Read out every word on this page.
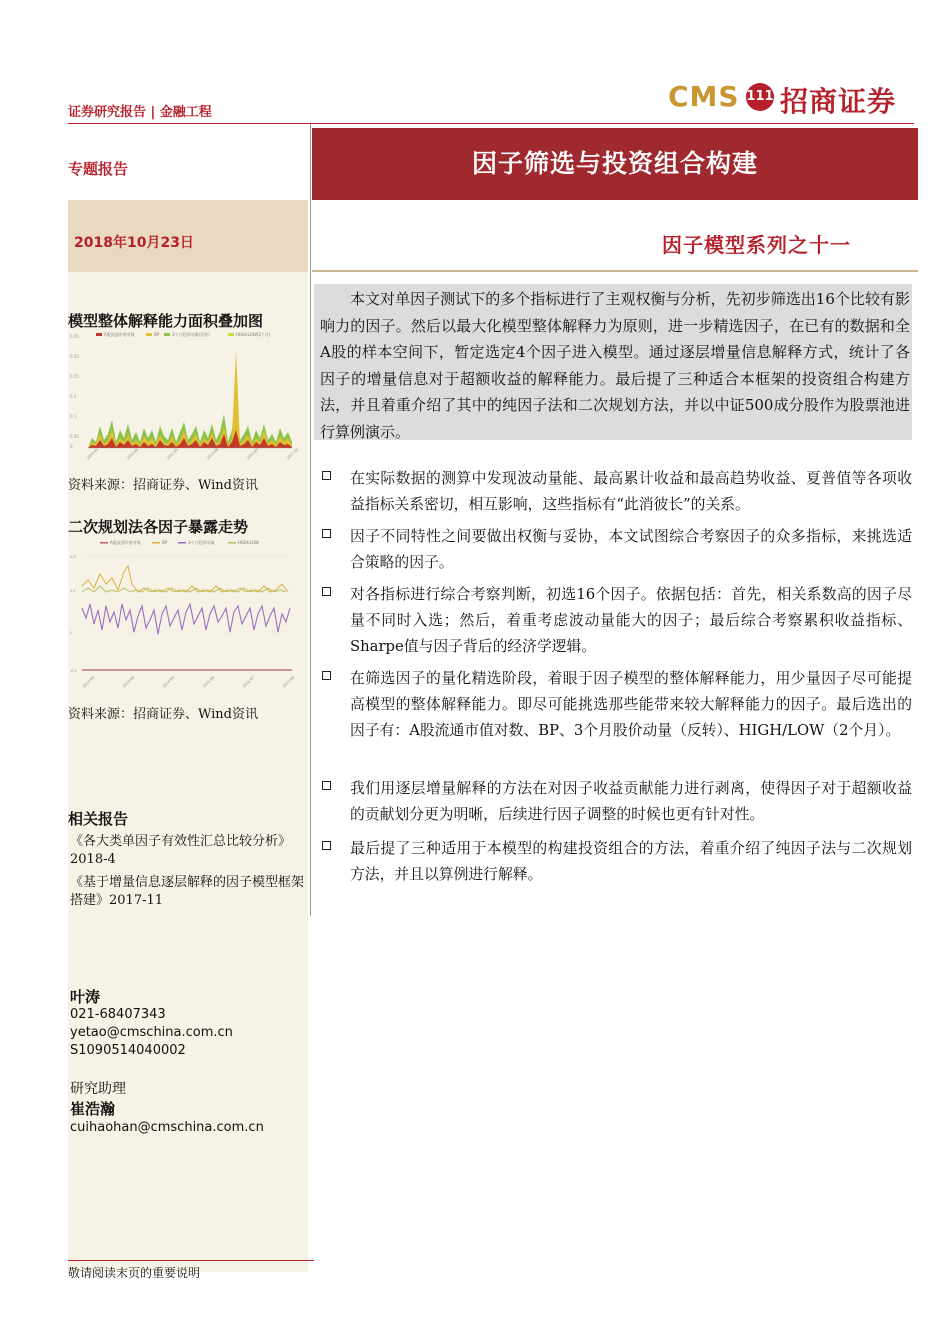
证券研究报告 | 金融工程	CMS 111 招商证券
专题报告
2018年10月23日
因子筛选与投资组合构建
因子模型系列之十一
本文对单因子测试下的多个指标进行了主观权衡与分析，先初步筛选出16个比较有影响力的因子。然后以最大化模型整体解释力为原则，进一步精选因子，在已有的数据和全A股的样本空间下，暂定选定4个因子进入模型。通过逐层增量信息解释方式，统计了各因子的增量信息对于超额收益的解释能力。最后提了三种适合本框架的投资组合构建方法，并且着重介绍了其中的纯因子法和二次规划方法，并以中证500成分股作为股票池进行算例演示。
在实际数据的测算中发现波动量能、最高累计收益和最高趋势收益、夏普值等各项收益指标关系密切，相互影响，这些指标有“此消彼长”的关系。
因子不同特性之间要做出权衡与妥协，本文试图综合考察因子的众多指标，来挑选适合策略的因子。
对各指标进行综合考察判断，初选16个因子。依据包括：首先，相关系数高的因子尽量不同时入选；然后，着重考虑波动量能大的因子；最后综合考察累积收益指标、Sharpe值与因子背后的经济学逻辑。
在筛选因子的量化精选阶段，着眼于因子模型的整体解释能力，用少量因子尽可能提高模型的整体解释能力。即尽可能挑选那些能带来较大解释能力的因子。最后选出的因子有：A股流通市值对数、BP、3个月股价动量（反转）、HIGH/LOW（2个月）。
我们用逐层增量解释的方法在对因子收益贡献能力进行剥离，使得因子对于超额收益的贡献划分更为明晰，后续进行因子调整的时候也更有针对性。
最后提了三种适用于本模型的构建投资组合的方法，着重介绍了纯因子法与二次规划方法，并且以算例进行解释。
模型整体解释能力面积叠加图
0.45
0.35
0.25
0.2
0.1
0.05
0
A股流通市值对数	BP	3个月股价动量(反转)	HIGH/LOW(2个月)
2009-01	2010-06	2012-01	2013-08	2015-03	2017-10
资料来源：招商证券、Wind资讯
二次规划法各因子暴露走势
A股流通市值对数	BP	3个月股价动量	HIGH/LOW
0.8
0.4
0
-0.4
2012-03	2013-04	2014-05	2015-06	2016-07	2017-08
资料来源：招商证券、Wind资讯
相关报告
《各大类单因子有效性汇总比较分析》2018-4
《基于增量信息逐层解释的因子模型框架搭建》2017-11
叶涛
021-68407343
yetao@cmschina.com.cn
S1090514040002
研究助理
崔浩瀚
cuihaohan@cmschina.com.cn
敬请阅读末页的重要说明
